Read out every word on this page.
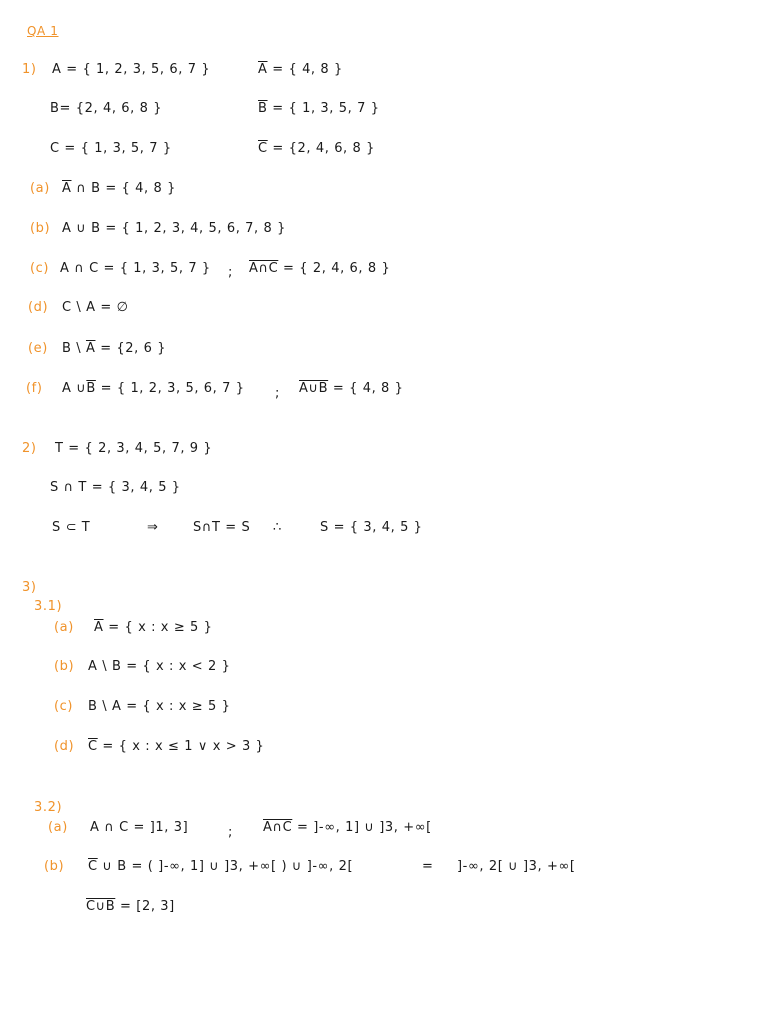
QA 1
1) A = { 1, 2, 3, 5, 6, 7 }	$\overline{A}$ = { 4, 8 }
B= {2, 4, 6, 8 }	$\overline{B}$ = { 1, 3, 5, 7 }
C = { 1, 3, 5, 7 }	$\overline{C} = \{2$, 4, 6, 8 }
(a) $\overline{A}$ ∩ B = { 4, 8 }
(b) A ∪ B = { 1, 2, 3, 4, 5, 6, 7, 8 }
(c) A ∩ C = { 1, 3, 5, 7 } ; A∩C = { 2, 4, 6, 8 }
(d) C \ A = ∅
(e) B \ $\overline{A} = \{2$, 6 }
(f) A $\cup\overline{B}$ = { 1, 2, 3, 5, 6, 7 } ; A∪B = { 4, 8 }
2) T = { 2, 3, 4, 5, 7, 9 }
S ∩ T = { 3, 4, 5 }
S ⊂ T	⇒	S∩T = S ∴	S = { 3, 4, 5 }
3)
3.1)
(a) $\overline{A}$ = { x : x ≥ 5 }
(b) A \ B = { x : x < 2 }
(c) B \ A = { x : x ≥ 5 }
(d) $\overline{C}$ = { x : x ≤ 1 ∨ x > 3 }
3.2)
(a) A ∩ C = ]1, 3]	; A∩C = ]-∞, 1] ∪ ]3, +∞[
(b) $\overline{C}$ ∪ B = ( ]-∞, 1] ∪ ]3, +∞[ ) ∪ ]-∞, 2[	= ]-∞, 2[ ∪ ]3, +∞[
C∪B = [2, 3]
